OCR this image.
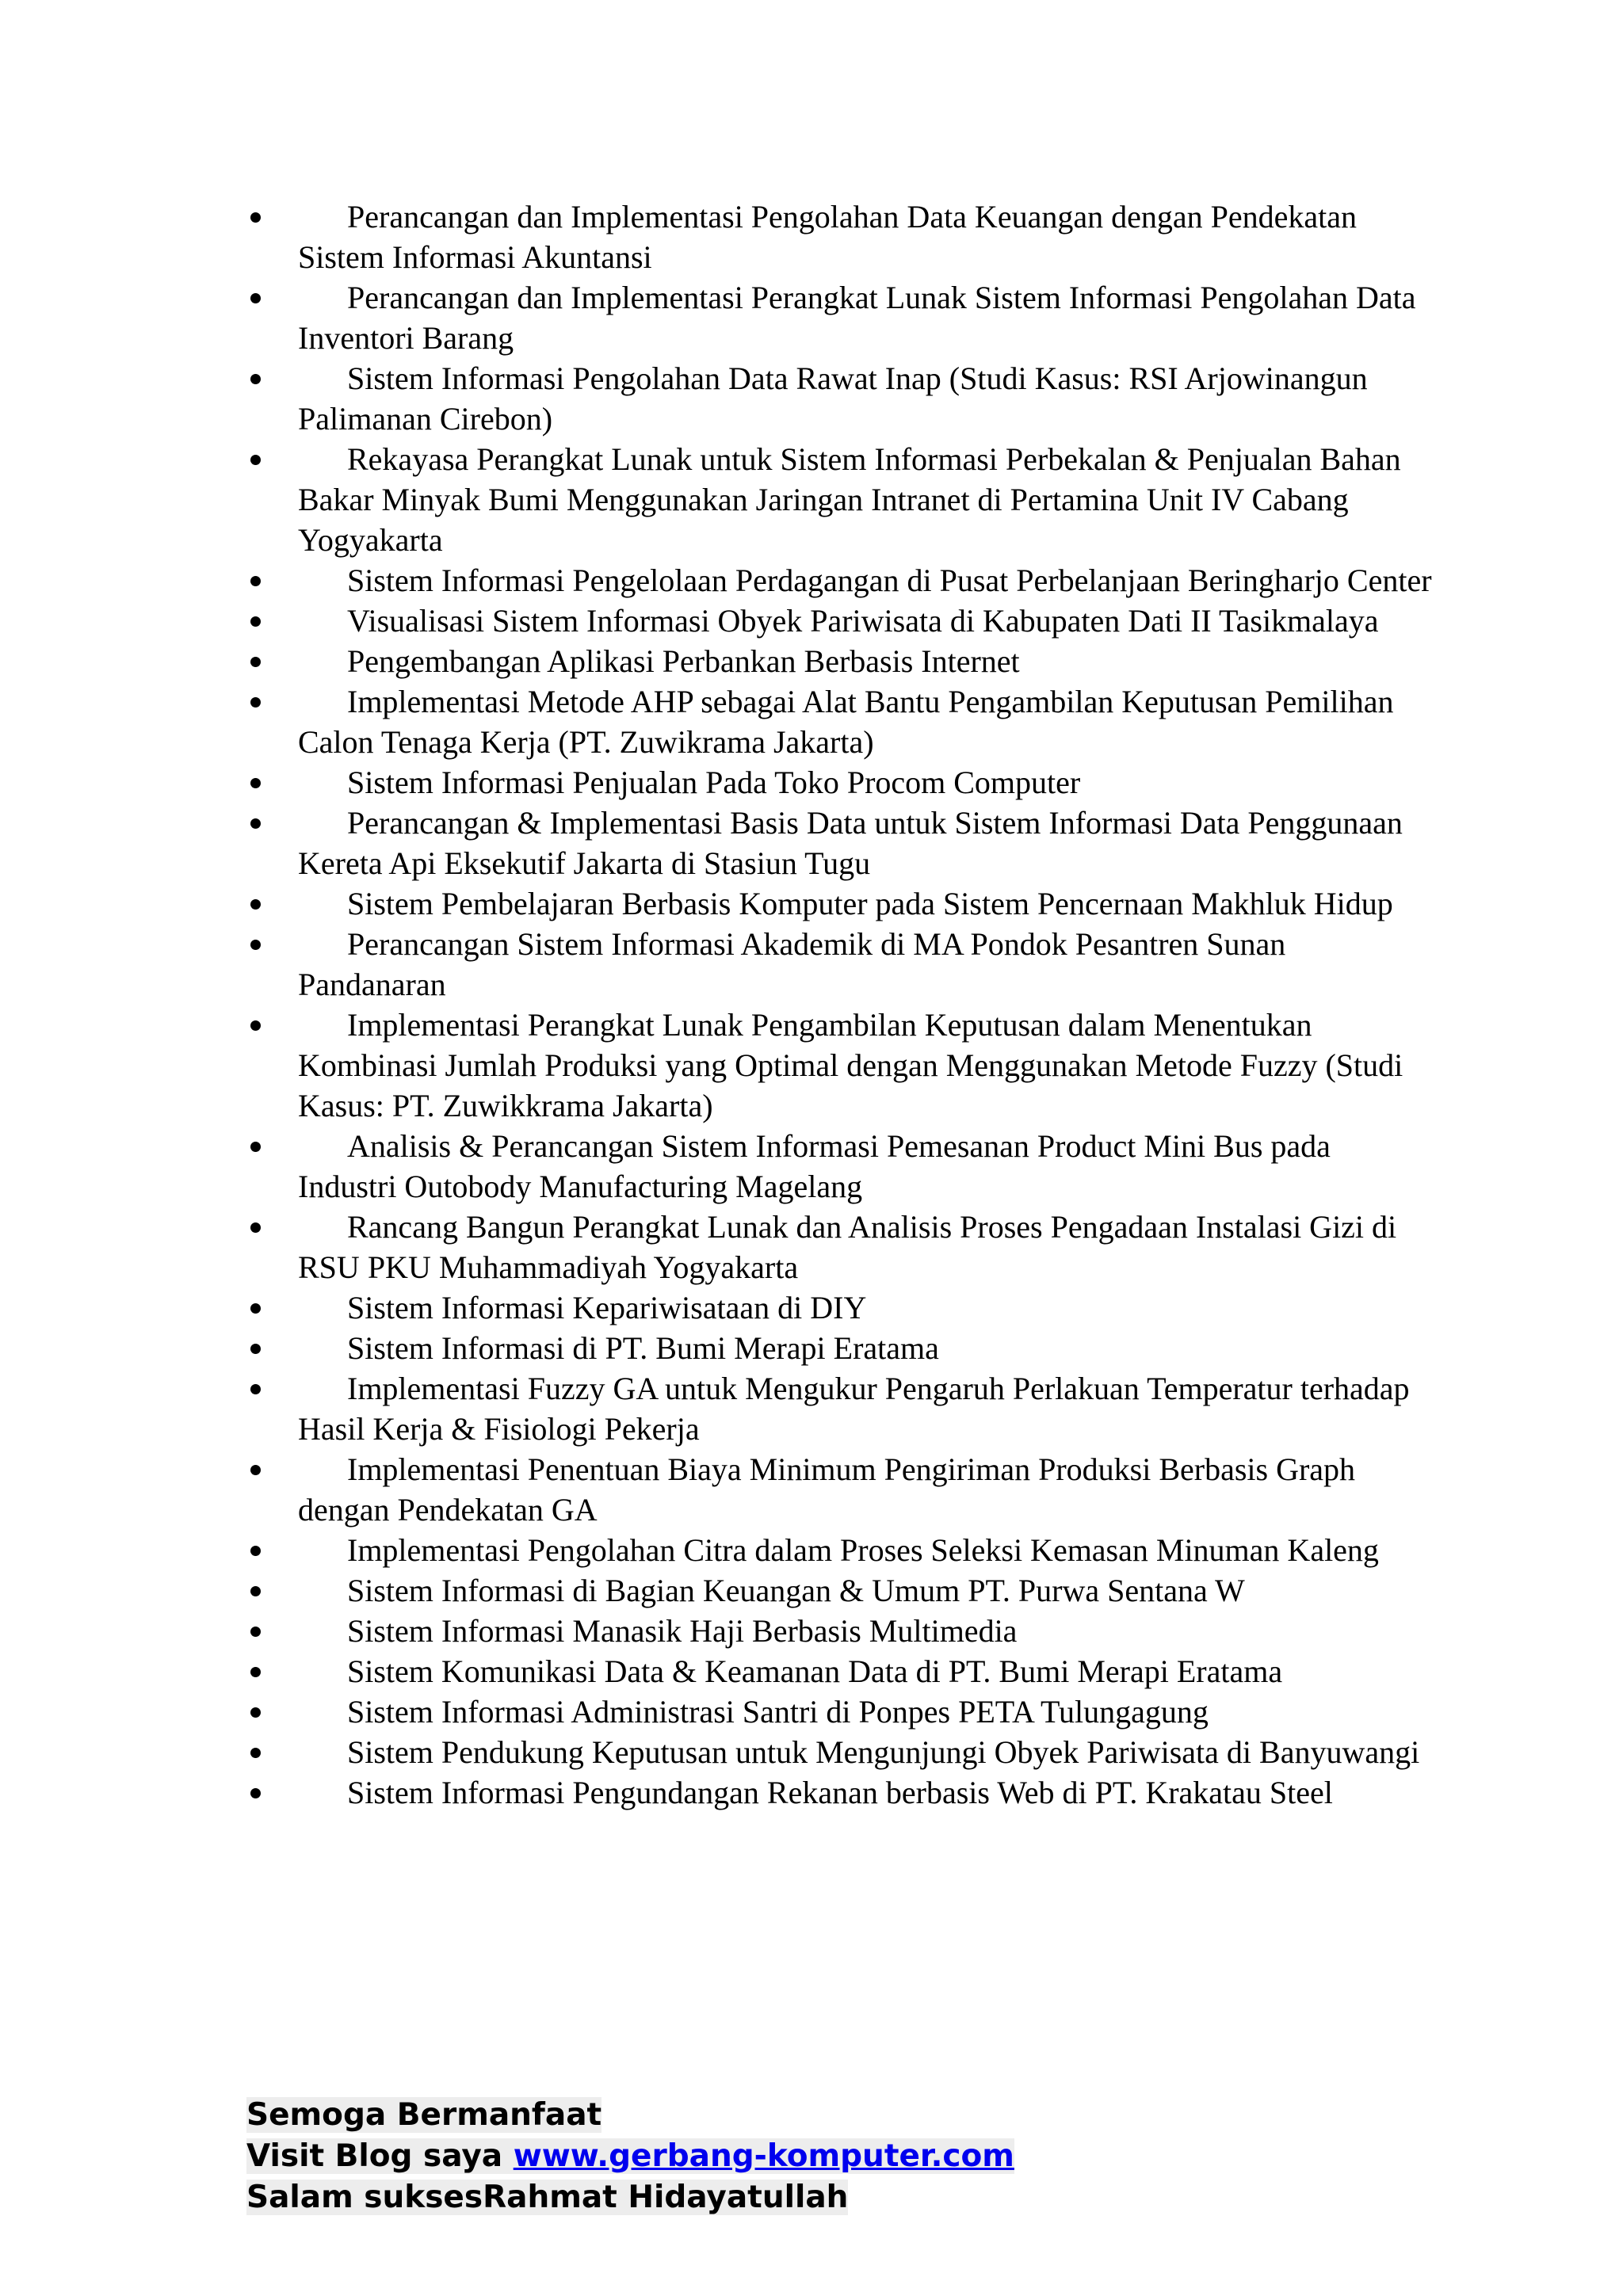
Perancangan dan Implementasi Pengolahan Data Keuangan dengan Pendekatan Sistem Informasi Akuntansi
Perancangan dan Implementasi Perangkat Lunak Sistem Informasi Pengolahan Data Inventori Barang
Sistem Informasi Pengolahan Data Rawat Inap (Studi Kasus: RSI Arjowinangun Palimanan Cirebon)
Rekayasa Perangkat Lunak untuk Sistem Informasi Perbekalan & Penjualan Bahan Bakar Minyak Bumi Menggunakan Jaringan Intranet di Pertamina Unit IV Cabang Yogyakarta
Sistem Informasi Pengelolaan Perdagangan di Pusat Perbelanjaan Beringharjo Center
Visualisasi Sistem Informasi Obyek Pariwisata di Kabupaten Dati II Tasikmalaya
Pengembangan Aplikasi Perbankan Berbasis Internet
Implementasi Metode AHP sebagai Alat Bantu Pengambilan Keputusan Pemilihan Calon Tenaga Kerja (PT. Zuwikrama Jakarta)
Sistem Informasi Penjualan Pada Toko Procom Computer
Perancangan & Implementasi Basis Data untuk Sistem Informasi Data Penggunaan Kereta Api Eksekutif Jakarta di Stasiun Tugu
Sistem Pembelajaran Berbasis Komputer pada Sistem Pencernaan Makhluk Hidup
Perancangan Sistem Informasi Akademik di MA Pondok Pesantren Sunan Pandanaran
Implementasi Perangkat Lunak Pengambilan Keputusan dalam Menentukan Kombinasi Jumlah Produksi yang Optimal dengan Menggunakan Metode Fuzzy (Studi Kasus: PT. Zuwikkrama Jakarta)
Analisis & Perancangan Sistem Informasi Pemesanan Product Mini Bus pada Industri Outobody Manufacturing Magelang
Rancang Bangun Perangkat Lunak dan Analisis Proses Pengadaan Instalasi Gizi di RSU PKU Muhammadiyah Yogyakarta
Sistem Informasi Kepariwisataan di DIY
Sistem Informasi di PT. Bumi Merapi Eratama
Implementasi Fuzzy GA untuk Mengukur Pengaruh Perlakuan Temperatur terhadap Hasil Kerja & Fisiologi Pekerja
Implementasi Penentuan Biaya Minimum Pengiriman Produksi Berbasis Graph dengan Pendekatan GA
Implementasi Pengolahan Citra dalam Proses Seleksi Kemasan Minuman Kaleng
Sistem Informasi di Bagian Keuangan & Umum PT. Purwa Sentana W
Sistem Informasi Manasik Haji Berbasis Multimedia
Sistem Komunikasi Data & Keamanan Data di PT. Bumi Merapi Eratama
Sistem Informasi Administrasi Santri di Ponpes PETA Tulungagung
Sistem Pendukung Keputusan untuk Mengunjungi Obyek Pariwisata di Banyuwangi
Sistem Informasi Pengundangan Rekanan berbasis Web di PT. Krakatau Steel
Semoga Bermanfaat
Visit Blog saya www.gerbang-komputer.com
Salam suksesRahmat Hidayatullah
